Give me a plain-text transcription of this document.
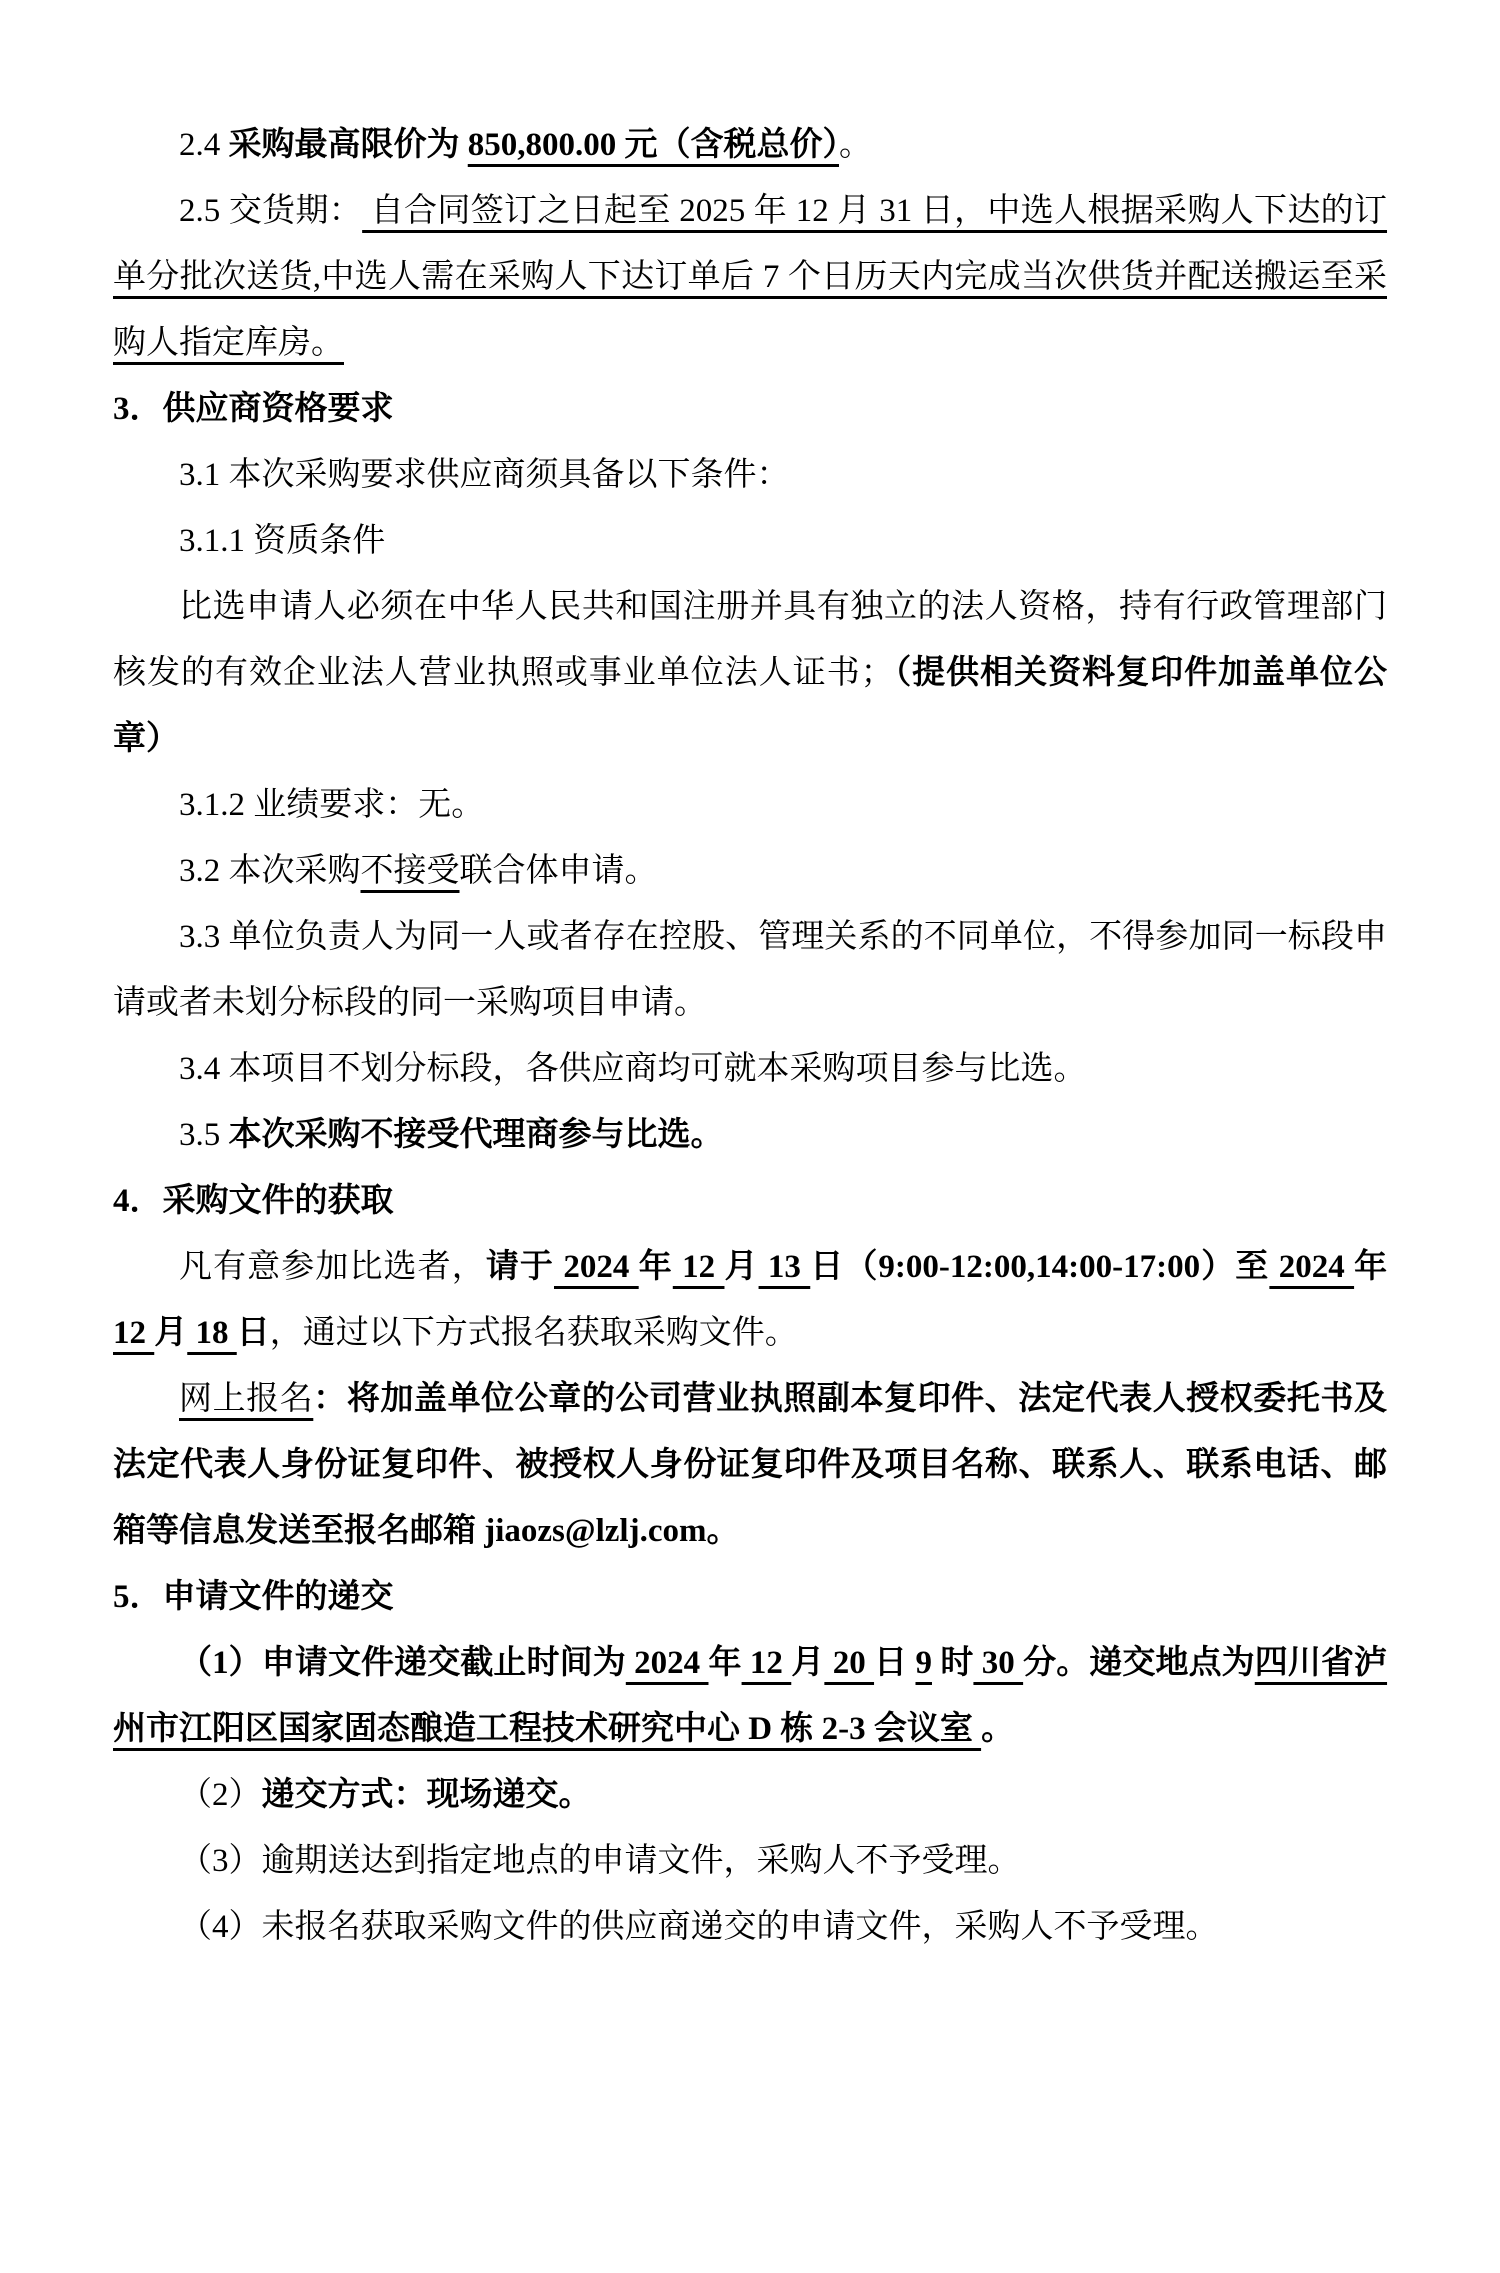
2.4 采购最高限价为 850,800.00 元（含税总价）。

2.5 交货期： 自合同签订之日起至 2025 年 12 月 31 日，中选人根据采购人下达的订单分批次送货,中选人需在采购人下达订单后 7 个日历天内完成当次供货并配送搬运至采购人指定库房。

3．供应商资格要求

3.1 本次采购要求供应商须具备以下条件：

3.1.1 资质条件

比选申请人必须在中华人民共和国注册并具有独立的法人资格，持有行政管理部门核发的有效企业法人营业执照或事业单位法人证书；（提供相关资料复印件加盖单位公章）

3.1.2 业绩要求：无。

3.2 本次采购不接受联合体申请。

3.3 单位负责人为同一人或者存在控股、管理关系的不同单位，不得参加同一标段申请或者未划分标段的同一采购项目申请。

3.4 本项目不划分标段，各供应商均可就本采购项目参与比选。

3.5 本次采购不接受代理商参与比选。

4．采购文件的获取

凡有意参加比选者，请于 2024 年 12 月 13 日（9:00-12:00,14:00-17:00）至 2024 年 12 月 18 日，通过以下方式报名获取采购文件。

网上报名：将加盖单位公章的公司营业执照副本复印件、法定代表人授权委托书及法定代表人身份证复印件、被授权人身份证复印件及项目名称、联系人、联系电话、邮箱等信息发送至报名邮箱 jiaozs@lzlj.com。

5．申请文件的递交

（1）申请文件递交截止时间为 2024 年 12 月 20 日 9 时 30 分。递交地点为四川省泸州市江阳区国家固态酿造工程技术研究中心 D 栋 2-3 会议室 。

（2）递交方式：现场递交。

（3）逾期送达到指定地点的申请文件，采购人不予受理。

（4）未报名获取采购文件的供应商递交的申请文件，采购人不予受理。
